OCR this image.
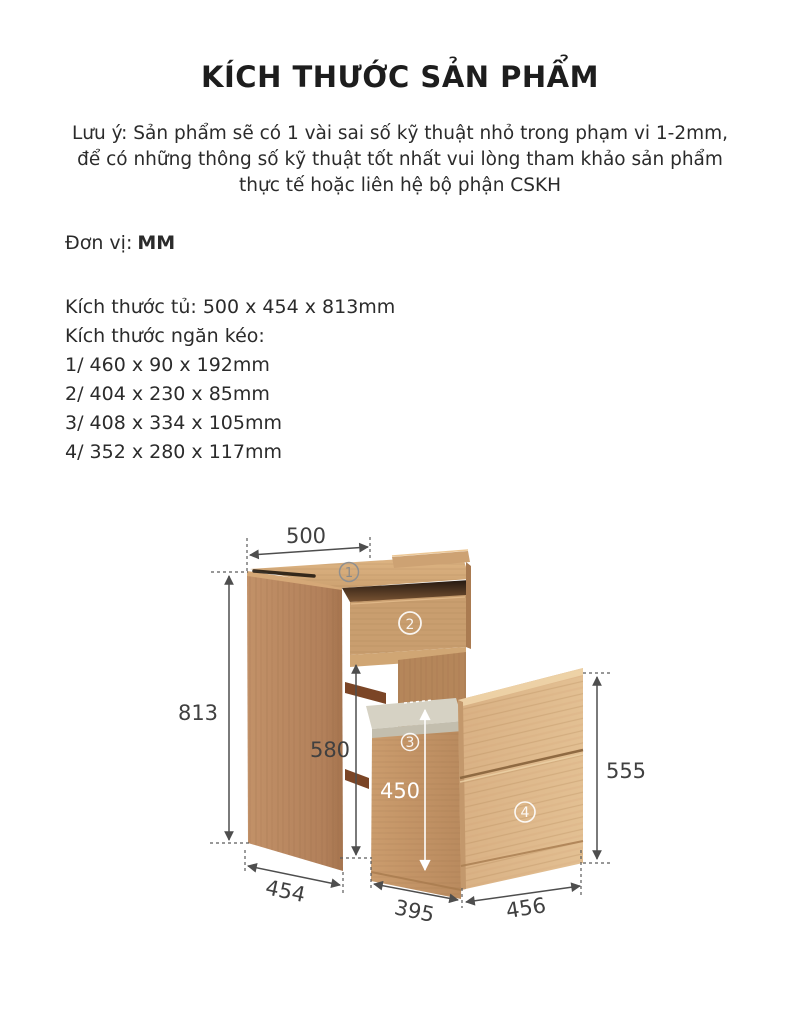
KÍCH THƯỚC SẢN PHẨM
Lưu ý: Sản phẩm sẽ có 1 vài sai số kỹ thuật nhỏ trong phạm vi 1-2mm,
để có những thông số kỹ thuật tốt nhất vui lòng tham khảo sản phẩm
thực tế hoặc liên hệ bộ phận CSKH
Đơn vị: MM
Kích thước tủ: 500 x 454 x 813mm
Kích thước ngăn kéo:
1/ 460 x 90 x 192mm
2/ 404 x 230 x 85mm
3/ 408 x 334 x 105mm
4/ 352 x 280 x 117mm
500
813
580
450
555
454
395	456
1
2
3
4
